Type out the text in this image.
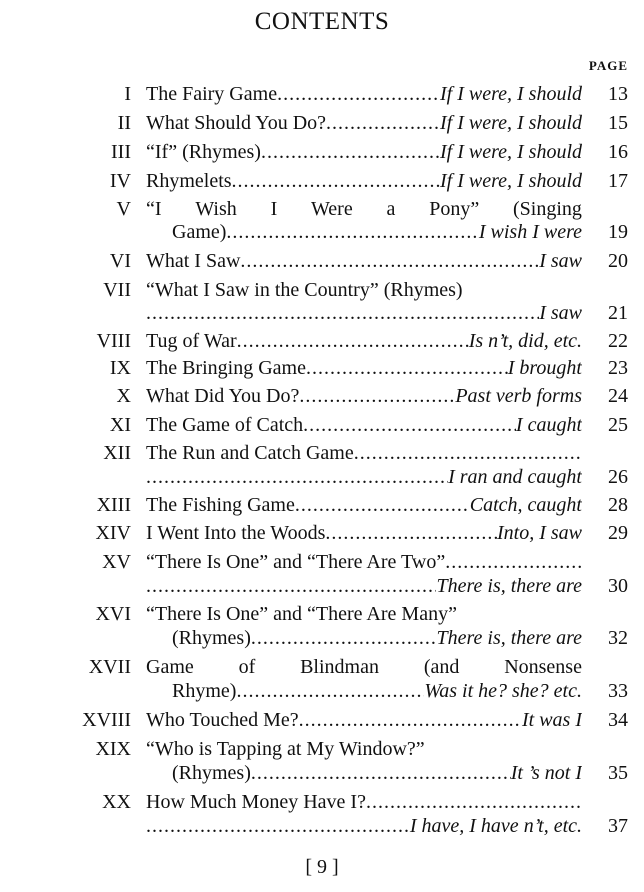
CONTENTS
PAGE
I The Fairy Game .....	If I were, I should 13
II What Should You Do? .....	If I were, I should 15
III “If” (Rhymes) .....	If I were, I should 16
IV Rhymelets .....	If I were, I should 17
V “I Wish I Were a Pony” (Singing
Game) .....	I wish I were 19
VI What I Saw .....	I saw 20
VII “What I Saw in the Country” (Rhymes)
.....
I saw 21
VIII Tug of War .....	Is n’t, did, etc. 22
IX The Bringing Game .....	I brought 23
X What Did You Do? .....	Past verb forms 24
XI The Game of Catch .....	I caught 25
XII The Run and Catch Game
.....
.....
I ran and caught 26
XIII The Fishing Game .....	Catch, caught 28
XIV I Went Into the Woods .....	Into, I saw 29
XV “There Is One” and “There Are Two”
.....
.....
There is, there are 30
XVI “There Is One” and “There Are Many”
(Rhymes) .....	There is, there are 32
XVII Game of Blindman (and Nonsense
Rhyme) .....	Was it he? she? etc. 33
XVIII Who Touched Me? .....	It was I 34
XIX “Who is Tapping at My Window?”
(Rhymes) .....	It ’s not I 35
XX How Much Money Have I?
.....
.....
I have, I have n’t, etc. 37
[ 9 ]
